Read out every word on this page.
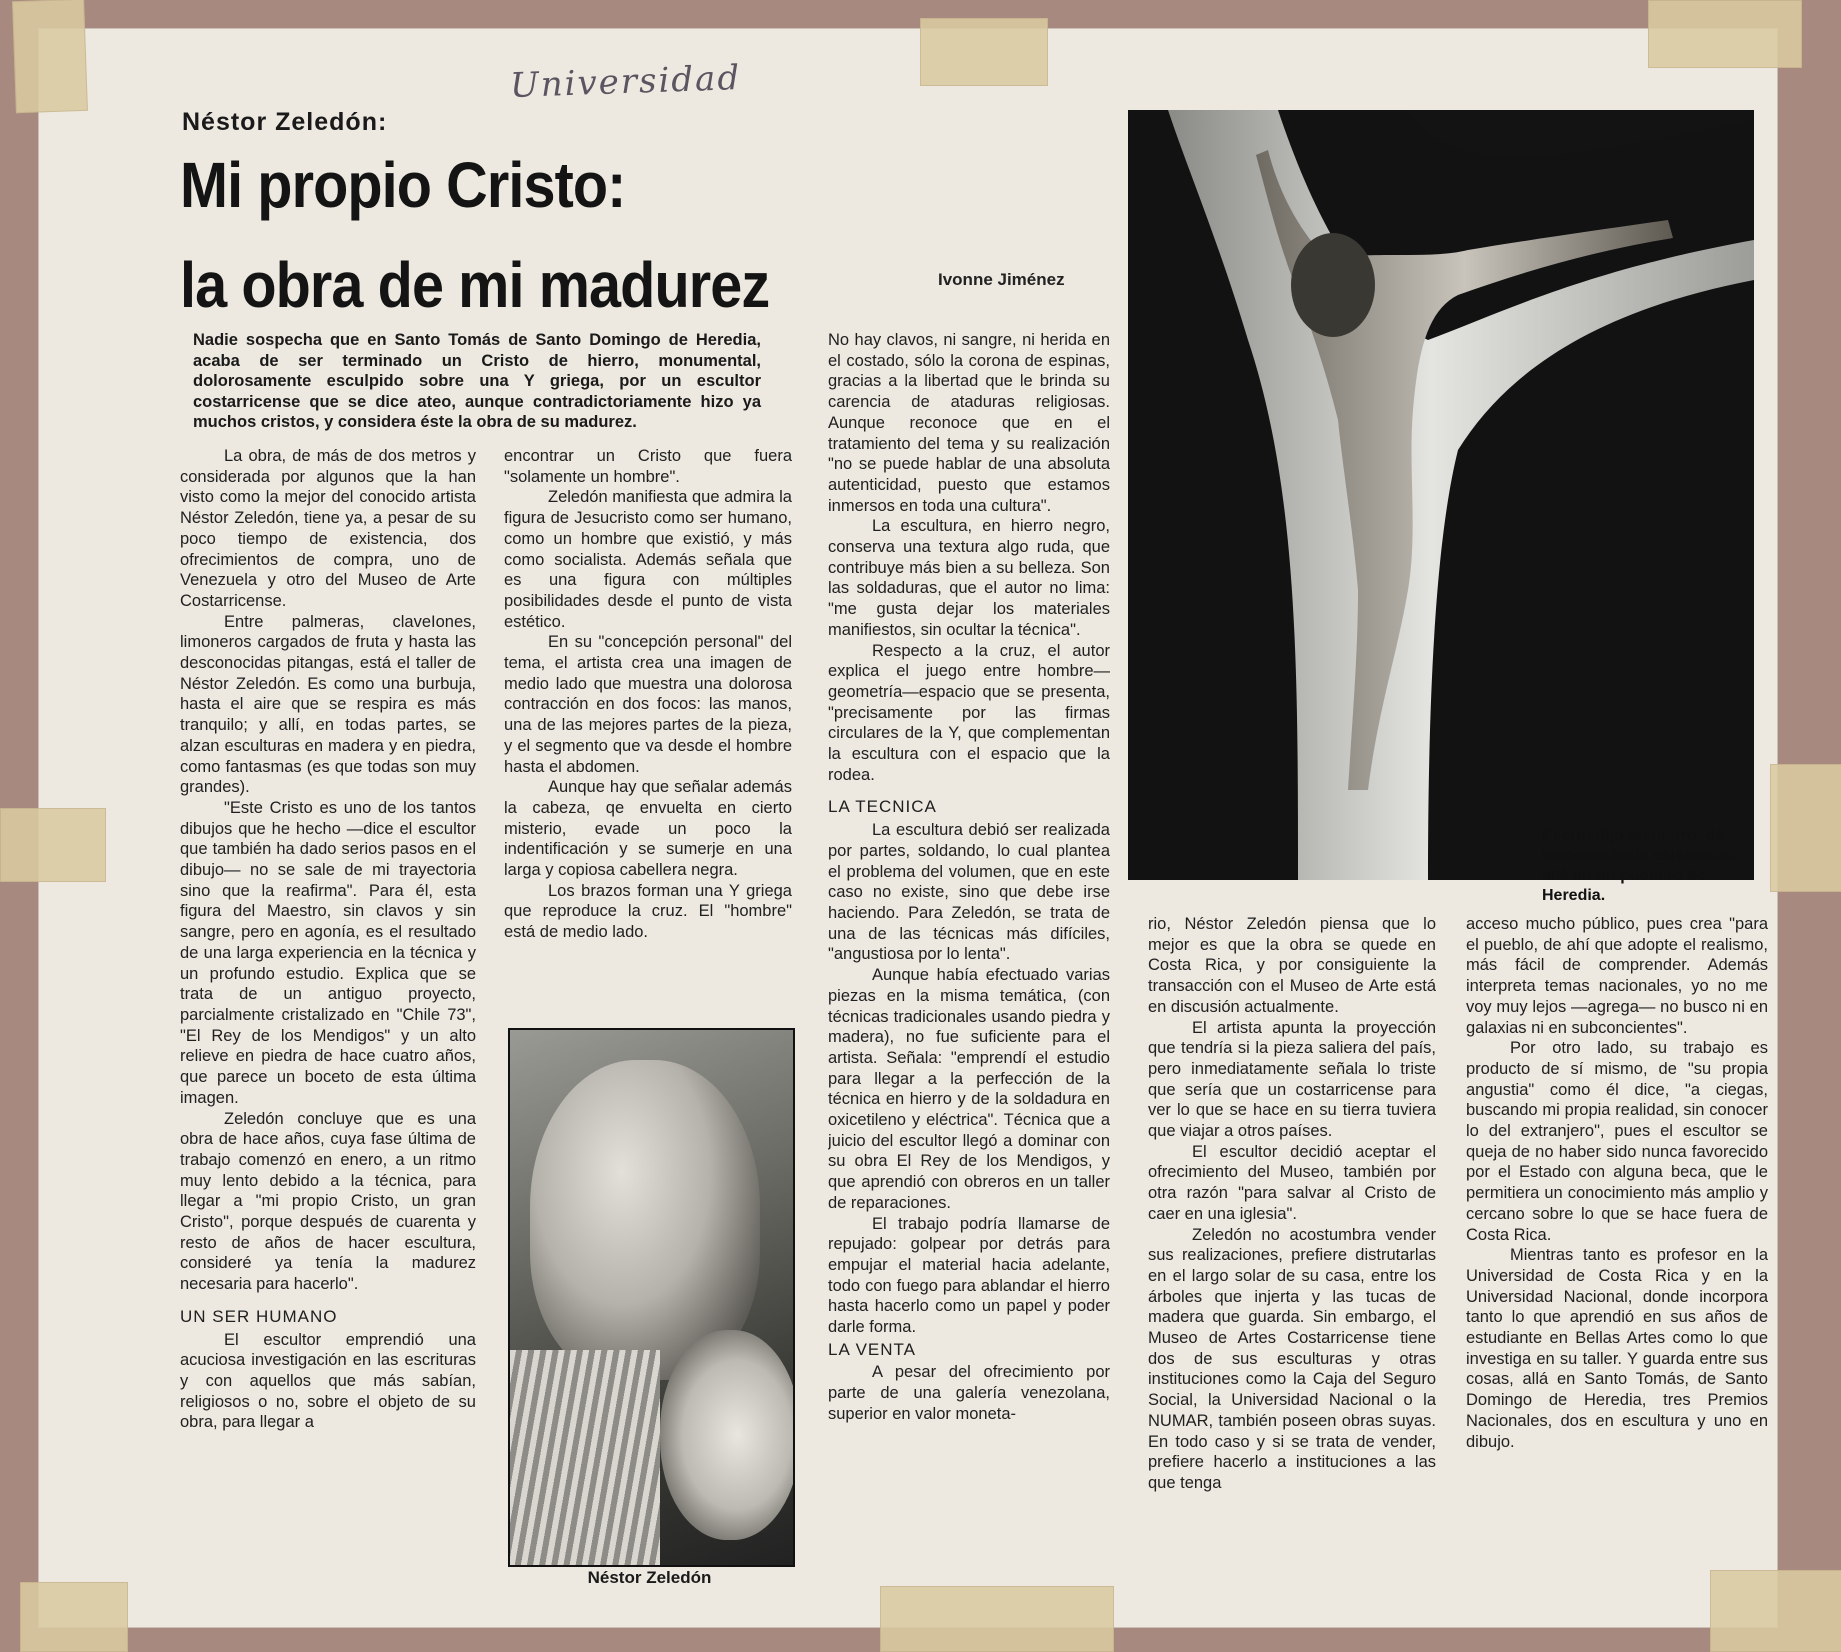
Universidad
Néstor Zeledón:
Mi propio Cristo:
la obra de mi madurez	Ivonne Jiménez
Nadie sospecha que en Santo Tomás de Santo Domingo de Heredia, acaba de ser terminado un Cristo de hierro, monumental, dolorosamente esculpido sobre una Y griega, por un escultor costarricense que se dice ateo, aunque contradictoriamente hizo ya muchos cristos, y considera éste la obra de su madurez.

La obra, de más de dos metros y considerada por algunos que la han visto como la mejor del conocido artista Néstor Zeledón, tiene ya, a pesar de su poco tiempo de existencia, dos ofrecimientos de compra, uno de Venezuela y otro del Museo de Arte Costarricense.

Entre palmeras, claveIones, limoneros cargados de fruta y hasta las desconocidas pitangas, está el taller de Néstor Zeledón. Es como una burbuja, hasta el aire que se respira es más tranquilo; y allí, en todas partes, se alzan esculturas en madera y en piedra, como fantasmas (es que todas son muy grandes).

"Este Cristo es uno de los tantos dibujos que he hecho —dice el escultor que también ha dado serios pasos en el dibujo— no se sale de mi trayectoria sino que la reafirma". Para él, esta figura del Maestro, sin clavos y sin sangre, pero en agonía, es el resultado de una larga experiencia en la técnica y un profundo estudio. Explica que se trata de un antiguo proyecto, parcialmente cristalizado en "Chile 73", "El Rey de los Mendigos" y un alto relieve en piedra de hace cuatro años, que parece un boceto de esta última imagen.

Zeledón concluye que es una obra de hace años, cuya fase última de trabajo comenzó en enero, a un ritmo muy lento debido a la técnica, para llegar a "mi propio Cristo, un gran Cristo", porque después de cuarenta y resto de años de hacer escultura, consideré ya tenía la madurez necesaria para hacerlo".

UN SER HUMANO

El escultor emprendió una acuciosa investigación en las escrituras y con aquellos que más sabían, religiosos o no, sobre el objeto de su obra, para llegar a

encontrar un Cristo que fuera "solamente un hombre".

Zeledón manifiesta que admira la figura de Jesucristo como ser humano, como un hombre que existió, y más como socialista. Además señala que es una figura con múltiples posibilidades desde el punto de vista estético.

En su "concepción personal" del tema, el artista crea una imagen de medio lado que muestra una dolorosa contracción en dos focos: las manos, una de las mejores partes de la pieza, y el segmento que va desde el hombre hasta el abdomen.

Aunque hay que señalar además la cabeza, qe envuelta en cierto misterio, evade un poco la indentificación y se sumerje en una larga y copiosa cabellera negra.

Los brazos forman una Y griega que reproduce la cruz. El "hombre" está de medio lado.

Néstor Zeledón

No hay clavos, ni sangre, ni herida en el costado, sólo la corona de espinas, gracias a la libertad que le brinda su carencia de ataduras religiosas. Aunque reconoce que en el tratamiento del tema y su realización "no se puede hablar de una absoluta autenticidad, puesto que estamos inmersos en toda una cultura".

La escultura, en hierro negro, conserva una textura algo ruda, que contribuye más bien a su belleza. Son las soldaduras, que el autor no lima: "me gusta dejar los materiales manifiestos, sin ocultar la técnica".

Respecto a la cruz, el autor explica el juego entre hombre—geometría—espacio que se presenta, "precisamente por las firmas circulares de la Y, que complementan la escultura con el espacio que la rodea.

LA TECNICA

La escultura debió ser realizada por partes, soldando, lo cual plantea el problema del volumen, que en este caso no existe, sino que debe irse haciendo. Para Zeledón, se trata de una de las técnicas más difíciles, "angustiosa por lo lenta".

Aunque había efectuado varias piezas en la misma temática, (con técnicas tradicionales usando piedra y madera), no fue suficiente para el artista. Señala: "emprendí el estudio para llegar a la perfección de la técnica en hierro y de la soldadura en oxicetileno y eléctrica". Técnica que a juicio del escultor llegó a dominar con su obra El Rey de los Mendigos, y que aprendió con obreros en un taller de reparaciones.

El trabajo podría llamarse de repujado: golpear por detrás para empujar el material hacia adelante, todo con fuego para ablandar el hierro hasta hacerlo como un papel y poder darle forma.

LA VENTA

A pesar del ofrecimiento por parte de una galería venezolana, superior en valor moneta-

El crucifijo en hierro, de insospechada existencia, allá en un pueblito de Heredia.

rio, Néstor Zeledón piensa que lo mejor es que la obra se quede en Costa Rica, y por consiguiente la transacción con el Museo de Arte está en discusión actualmente.

El artista apunta la proyección que tendría si la pieza saliera del país, pero inmediatamente señala lo triste que sería que un costarricense para ver lo que se hace en su tierra tuviera que viajar a otros países.

El escultor decidió aceptar el ofrecimiento del Museo, también por otra razón "para salvar al Cristo de caer en una iglesia".

Zeledón no acostumbra vender sus realizaciones, prefiere distrutarlas en el largo solar de su casa, entre los árboles que injerta y las tucas de madera que guarda. Sin embargo, el Museo de Artes Costarricense tiene dos de sus esculturas y otras instituciones como la Caja del Seguro Social, la Universidad Nacional o la NUMAR, también poseen obras suyas. En todo caso y si se trata de vender, prefiere hacerlo a instituciones a las que tenga

acceso mucho público, pues crea "para el pueblo, de ahí que adopte el realismo, más fácil de comprender. Además interpreta temas nacionales, yo no me voy muy lejos —agrega— no busco ni en galaxias ni en subconcientes".

Por otro lado, su trabajo es producto de sí mismo, de "su propia angustia" como él dice, "a ciegas, buscando mi propia realidad, sin conocer lo del extranjero", pues el escultor se queja de no haber sido nunca favorecido por el Estado con alguna beca, que le permitiera un conocimiento más amplio y cercano sobre lo que se hace fuera de Costa Rica.

Mientras tanto es profesor en la Universidad de Costa Rica y en la Universidad Nacional, donde incorpora tanto lo que aprendió en sus años de estudiante en Bellas Artes como lo que investiga en su taller. Y guarda entre sus cosas, allá en Santo Tomás, de Santo Domingo de Heredia, tres Premios Nacionales, dos en escultura y uno en dibujo.
